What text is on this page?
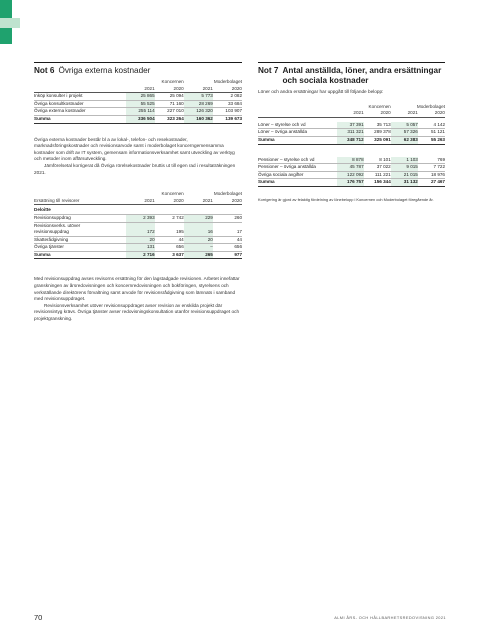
Not 6 Övriga externa kostnader
	Koncernen		Moderbolaget	
	2021	2020	2021	2020
Inköp konsulter i projekt	25 865	25 094	5 773	2 082
Övriga konsultkostnader	55 525	71 160	28 269	33 684
Övriga externa kostnader	255 114	227 010	126 320	103 907
Summa	336 504	323 264	160 362	139 673

Övriga externa kostnader består bl a av lokal-, telefon- och resekostnader, marknadsföringskostnader och revisionsarvode samt i moderbolaget koncerngemensamma kostnader som drift av IT system, gemensam informationsverksamhet samt utveckling av verktyg och metoder inom affärsutveckling.

Jämförelsetal korrigerat då Övriga rörelsekostnader bruttis ut till egen rad i resultaträkningen 2021.

	Koncernen		Moderbolaget	
Ersättning till revisorer	2021	2020	2021	2020
Deloitte				
Revisionsuppdrag	2 393	2 742	229	260
Revisionsverks. utöver revisionsuppdrag	172	195	16	17
Skatterådgivning	20	44	20	44
Övriga tjänster	131	656	–	656
Summa	2 716	3 637	265	977

Med revisionsuppdrag avses revisorns ersättning för den lagstadgade revisionen. Arbetet innefattar granskningen av årsredovisningen och koncernredovisningen och bokföringen, styrelsens och verkställande direktörens förvaltning samt arvode för revisionsrådgivning som lämnats i samband med revisionsuppdraget.

Revisionsverksamhet utöver revisionsuppdraget avser revision av enskilda projekt där revisionsintyg krävs. Övriga tjänster avser redovisningskonsultation utanför revisionsuppdraget och projektgranskning.

Not 7 Antal anställda, löner, andra ersättningar och sociala kostnader

Löner och andra ersättningar har uppgått till följande belopp:

	Koncernen		Moderbolaget	
	2021	2020	2021	2020

Löner – styrelse och vd	37 391	35 713	5 057	4 142
Löner – övriga anställda	311 321	289 378	57 326	51 121
Summa	348 712	325 091	62 383	55 263
Pensioner – styrelse och vd	8 878	8 101	1 103	769
Pensioner – övriga anställda	45 787	37 022	9 015	7 722
Övriga sociala avgifter	122 092	111 221	21 015	18 976
Summa	176 757	156 344	31 132	27 467

Korrigering är gjord av felaktig fördelning av lönebelopp i Koncernen och Moderbolaget föregående år.

70	ALMI ÅRS- OCH HÅLLBARHETSREDOVISNING 2021
